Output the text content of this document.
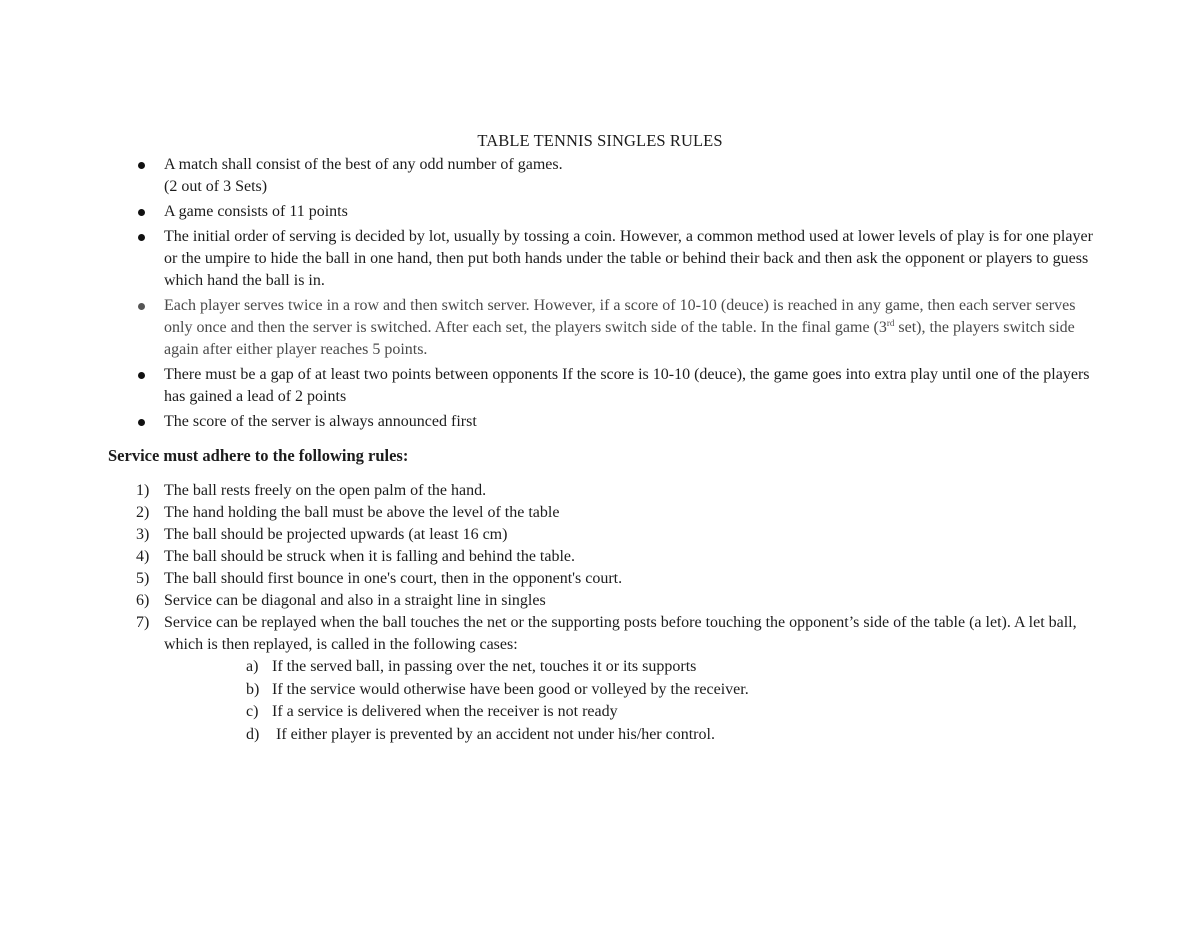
TABLE TENNIS SINGLES RULES
A match shall consist of the best of any odd number of games.
(2 out of 3 Sets)
A game consists of 11 points
The initial order of serving is decided by lot, usually by tossing a coin. However, a common method used at lower levels of play is for one player or the umpire to hide the ball in one hand, then put both hands under the table or behind their back and then ask the opponent or players to guess which hand the ball is in.
Each player serves twice in a row and then switch server. However, if a score of 10-10 (deuce) is reached in any game, then each server serves only once and then the server is switched. After each set, the players switch side of the table. In the final game (3rd set), the players switch side again after either player reaches 5 points.
There must be a gap of at least two points between opponents If the score is 10-10 (deuce), the game goes into extra play until one of the players has gained a lead of 2 points
The score of the server is always announced first
Service must adhere to the following rules:
1) The ball rests freely on the open palm of the hand.
2) The hand holding the ball must be above the level of the table
3) The ball should be projected upwards (at least 16 cm)
4) The ball should be struck when it is falling and behind the table.
5) The ball should first bounce in one's court, then in the opponent's court.
6) Service can be diagonal and also in a straight line in singles
7) Service can be replayed when the ball touches the net or the supporting posts before touching the opponent’s side of the table (a let). A let ball, which is then replayed, is called in the following cases:
a) If the served ball, in passing over the net, touches it or its supports
b) If the service would otherwise have been good or volleyed by the receiver.
c) If a service is delivered when the receiver is not ready
d) If either player is prevented by an accident not under his/her control.
